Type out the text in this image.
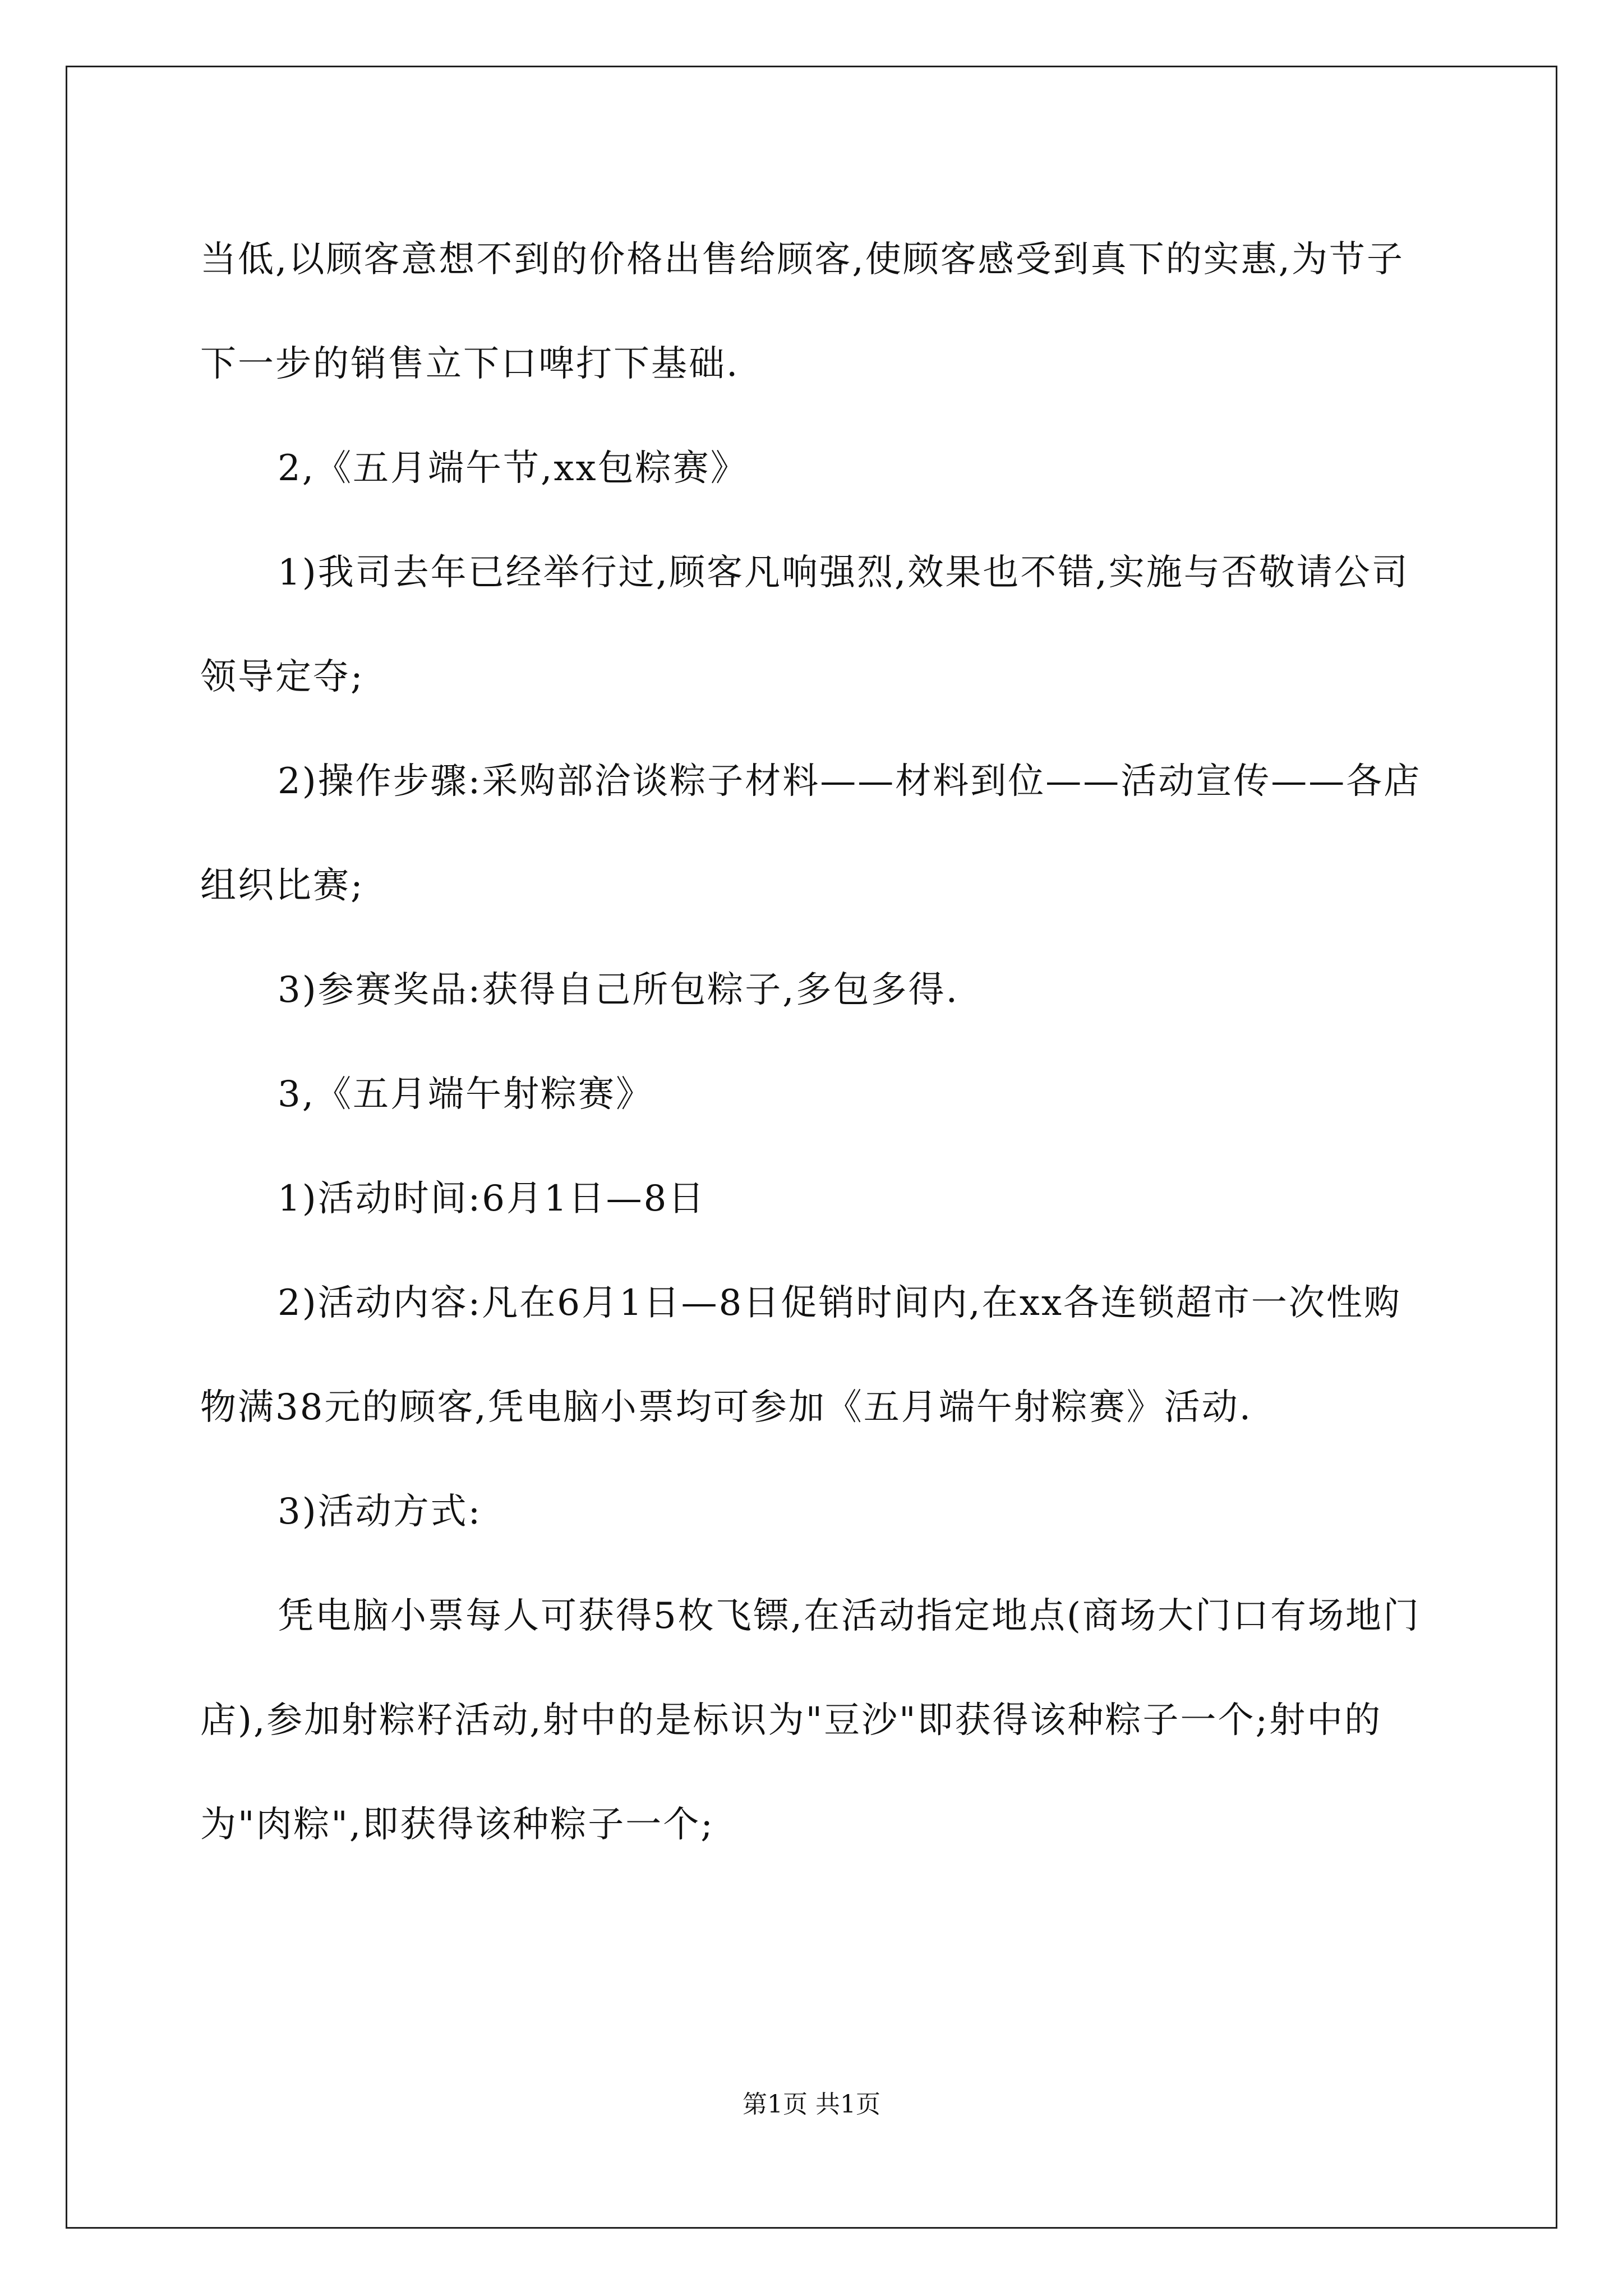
当低,以顾客意想不到的价格出售给顾客,使顾客感受到真下的实惠,为节子下一步的销售立下口啤打下基础.

2,《五月端午节,xx包粽赛》

1)我司去年已经举行过,顾客凡响强烈,效果也不错,实施与否敬请公司领导定夺;

2)操作步骤:采购部洽谈粽子材料——材料到位——活动宣传——各店组织比赛;

3)参赛奖品:获得自己所包粽子,多包多得.

3,《五月端午射粽赛》

1)活动时间:6月1日—8日

2)活动内容:凡在6月1日—8日促销时间内,在xx各连锁超市一次性购物满38元的顾客,凭电脑小票均可参加《五月端午射粽赛》活动.

3)活动方式:

凭电脑小票每人可获得5枚飞镖,在活动指定地点(商场大门口有场地门店),参加射粽籽活动,射中的是标识为"豆沙"即获得该种粽子一个;射中的为"肉粽",即获得该种粽子一个;

第1页 共1页
